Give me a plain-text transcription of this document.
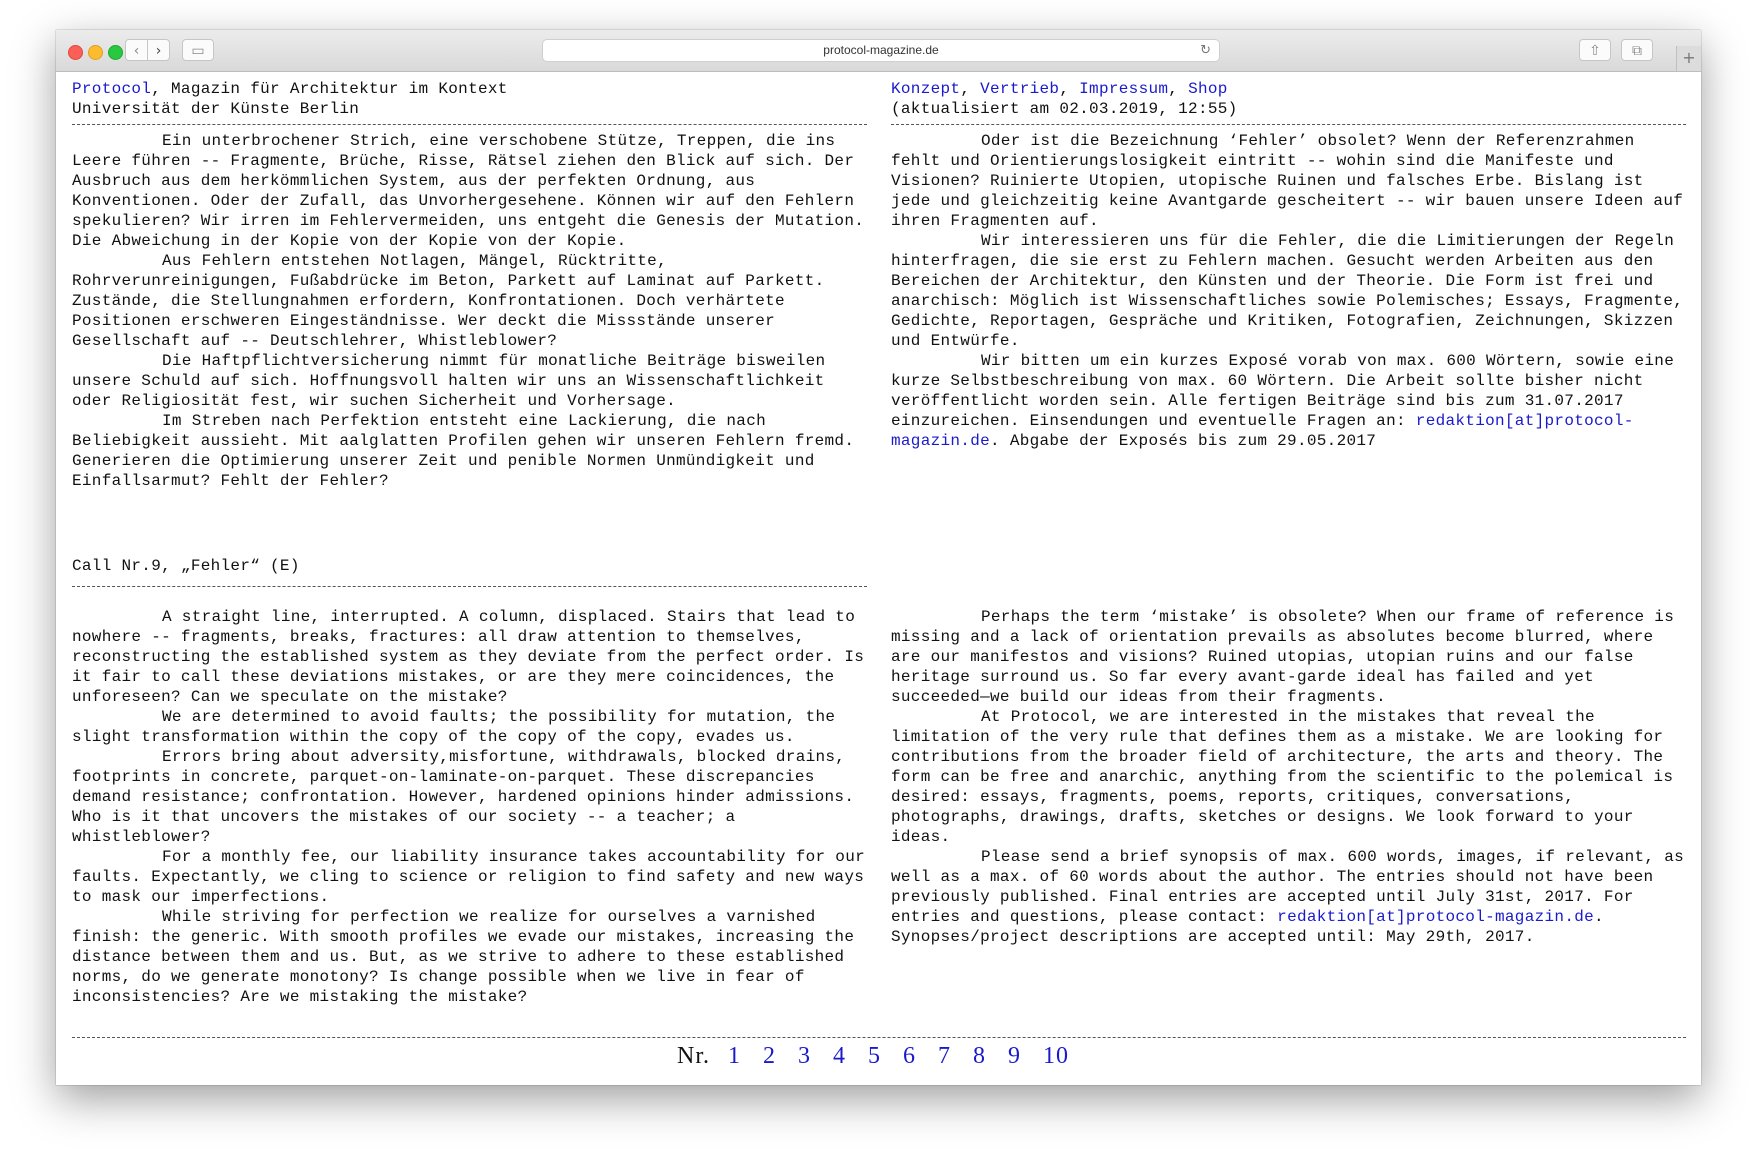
‹	›	▭	protocol-magazine.de	↻	⇧	⧉	+
Protocol, Magazin für Architektur im Kontext
Universität der Künste Berlin
Konzept, Vertrieb, Impressum, Shop
(aktualisiert am 02.03.2019, 12:55)

Ein unterbrochener Strich, eine verschobene Stütze, Treppen, die ins Leere führen -- Fragmente, Brüche, Risse, Rätsel ziehen den Blick auf sich. Der Ausbruch aus dem herkömmlichen System, aus der perfekten Ordnung, aus Konventionen. Oder der Zufall, das Unvorhergesehene. Können wir auf den Fehlern spekulieren? Wir irren im Fehlervermeiden, uns entgeht die Genesis der Mutation. Die Abweichung in der Kopie von der Kopie von der Kopie.

Aus Fehlern entstehen Notlagen, Mängel, Rücktritte, Rohrverunreinigungen, Fußabdrücke im Beton, Parkett auf Laminat auf Parkett. Zustände, die Stellungnahmen erfordern, Konfrontationen. Doch verhärtete Positionen erschweren Eingeständnisse. Wer deckt die Missstände unserer Gesellschaft auf -- Deutschlehrer, Whistleblower?

Die Haftpflichtversicherung nimmt für monatliche Beiträge bisweilen unsere Schuld auf sich. Hoffnungsvoll halten wir uns an Wissenschaftlichkeit oder Religiosität fest, wir suchen Sicherheit und Vorhersage.

Im Streben nach Perfektion entsteht eine Lackierung, die nach Beliebigkeit aussieht. Mit aalglatten Profilen gehen wir unseren Fehlern fremd. Generieren die Optimierung unserer Zeit und penible Normen Unmündigkeit und Einfallsarmut? Fehlt der Fehler?

Oder ist die Bezeichnung ‘Fehler’ obsolet? Wenn der Referenzrahmen fehlt und Orientierungslosigkeit eintritt -- wohin sind die Manifeste und Visionen? Ruinierte Utopien, utopische Ruinen und falsches Erbe. Bislang ist jede und gleichzeitig keine Avantgarde gescheitert -- wir bauen unsere Ideen auf ihren Fragmenten auf.

Wir interessieren uns für die Fehler, die die Limitierungen der Regeln hinterfragen, die sie erst zu Fehlern machen. Gesucht werden Arbeiten aus den Bereichen der Architektur, den Künsten und der Theorie. Die Form ist frei und anarchisch: Möglich ist Wissenschaftliches sowie Polemisches; Essays, Fragmente, Gedichte, Reportagen, Gespräche und Kritiken, Fotografien, Zeichnungen, Skizzen und Entwürfe.

Wir bitten um ein kurzes Exposé vorab von max. 600 Wörtern, sowie eine kurze Selbstbeschreibung von max. 60 Wörtern. Die Arbeit sollte bisher nicht veröffentlicht worden sein. Alle fertigen Beiträge sind bis zum 31.07.2017 einzureichen. Einsendungen und eventuelle Fragen an: redaktion[at]protocol-magazin.de. Abgabe der Exposés bis zum 29.05.2017

Call Nr.9, „Fehler“ (E)

A straight line, interrupted. A column, displaced. Stairs that lead to nowhere -- fragments, breaks, fractures: all draw attention to themselves, reconstructing the established system as they deviate from the perfect order. Is it fair to call these deviations mistakes, or are they mere coincidences, the unforeseen? Can we speculate on the mistake?

We are determined to avoid faults; the possibility for mutation, the slight transformation within the copy of the copy of the copy, evades us.

Errors bring about adversity,misfortune, withdrawals, blocked drains, footprints in concrete, parquet-on-laminate-on-parquet. These discrepancies demand resistance; confrontation. However, hardened opinions hinder admissions. Who is it that uncovers the mistakes of our society -- a teacher; a whistleblower?

For a monthly fee, our liability insurance takes accountability for our faults. Expectantly, we cling to science or religion to find safety and new ways to mask our imperfections.

While striving for perfection we realize for ourselves a varnished finish: the generic. With smooth profiles we evade our mistakes, increasing the distance between them and us. But, as we strive to adhere to these established norms, do we generate monotony? Is change possible when we live in fear of inconsistencies? Are we mistaking the mistake?

Perhaps the term ‘mistake’ is obsolete? When our frame of reference is missing and a lack of orientation prevails as absolutes become blurred, where are our manifestos and visions? Ruined utopias, utopian ruins and our false heritage surround us. So far every avant-garde ideal has failed and yet succeeded—we build our ideas from their fragments.

At Protocol, we are interested in the mistakes that reveal the limitation of the very rule that defines them as a mistake. We are looking for contributions from the broader field of architecture, the arts and theory. The form can be free and anarchic, anything from the scientific to the polemical is desired: essays, fragments, poems, reports, critiques, conversations, photographs, drawings, drafts, sketches or designs. We look forward to your ideas.

Please send a brief synopsis of max. 600 words, images, if relevant, as well as a max. of 60 words about the author. The entries should not have been previously published. Final entries are accepted until July 31st, 2017. For entries and questions, please contact: redaktion[at]protocol-magazin.de. Synopses/project descriptions are accepted until: May 29th, 2017.

Nr. 1 2 3 4 5 6 7 8 9 10
